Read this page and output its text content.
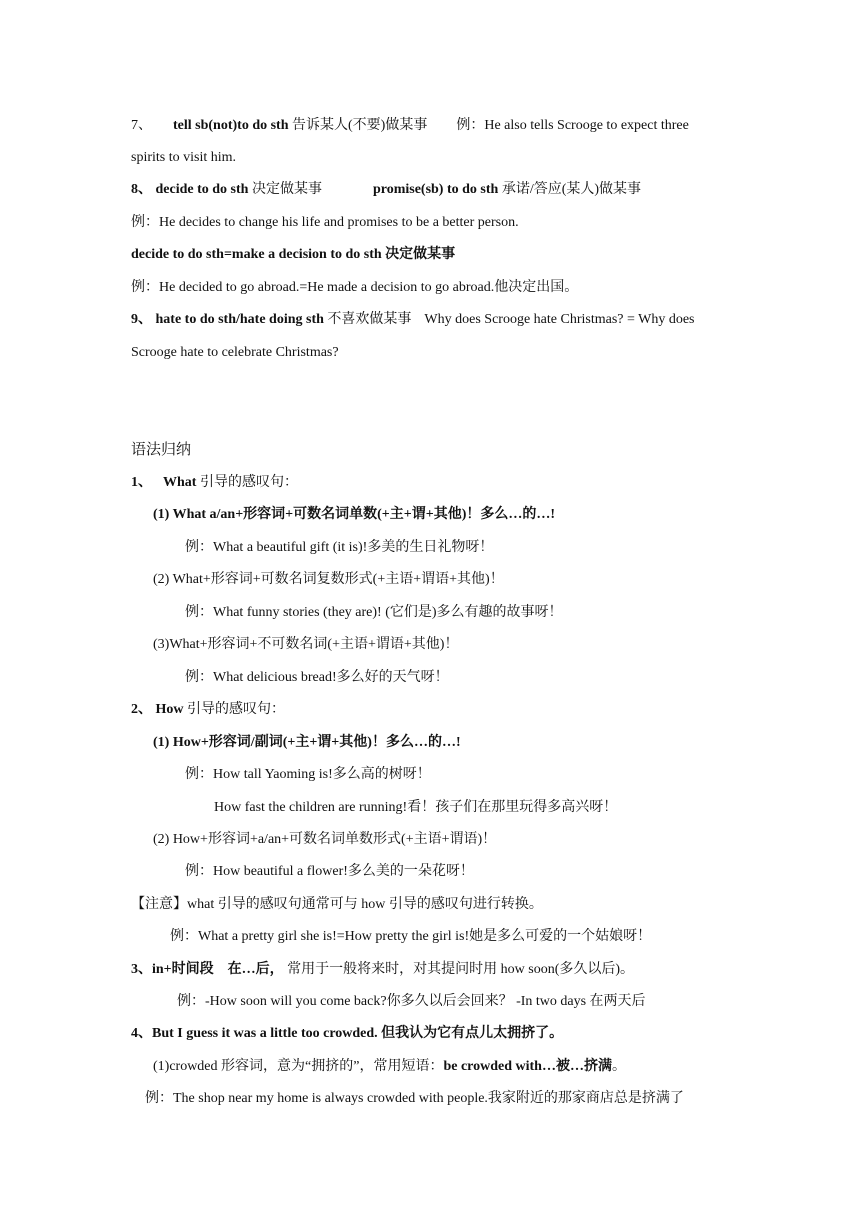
7、 tell sb(not)to do sth 告诉某人(不要)做某事 例：He also tells Scrooge to expect three
spirits to visit him.
8、 decide to do sth 决定做某事	promise(sb) to do sth 承诺/答应(某人)做某事
例：He decides to change his life and promises to be a better person.
decide to do sth=make a decision to do sth 决定做某事
例：He decided to go abroad.=He made a decision to go abroad.他决定出国。
9、 hate to do sth/hate doing sth 不喜欢做某事 Why does Scrooge hate Christmas? = Why does
Scrooge hate to celebrate Christmas?
语法归纳
1、 What 引导的感叹句：
(1) What a/an+形容词+可数名词单数(+主+谓+其他)！多么…的…!
例：What a beautiful gift (it is)!多美的生日礼物呀！
(2) What+形容词+可数名词复数形式(+主语+谓语+其他)！
例：What funny stories (they are)! (它们是)多么有趣的故事呀！
(3)What+形容词+不可数名词(+主语+谓语+其他)！
例：What delicious bread!多么好的天气呀！
2、 How 引导的感叹句：
(1) How+形容词/副词(+主+谓+其他)！多么…的…!
例：How tall Yaoming is!多么高的树呀！
How fast the children are running!看！孩子们在那里玩得多高兴呀！
(2) How+形容词+a/an+可数名词单数形式(+主语+谓语)！
例：How beautiful a flower!多么美的一朵花呀！
【注意】what 引导的感叹句通常可与 how 引导的感叹句进行转换。
例：What a pretty girl she is!=How pretty the girl is!她是多么可爱的一个姑娘呀！
3、in+时间段　在…后， 常用于一般将来时，对其提问时用 how soon(多久以后)。
例：-How soon will you come back?你多久以后会回来？ -In two days 在两天后
4、But I guess it was a little too crowded. 但我认为它有点儿太拥挤了。
(1)crowded 形容词，意为“拥挤的”，常用短语：be crowded with…被…挤满。
例：The shop near my home is always crowded with people.我家附近的那家商店总是挤满了
